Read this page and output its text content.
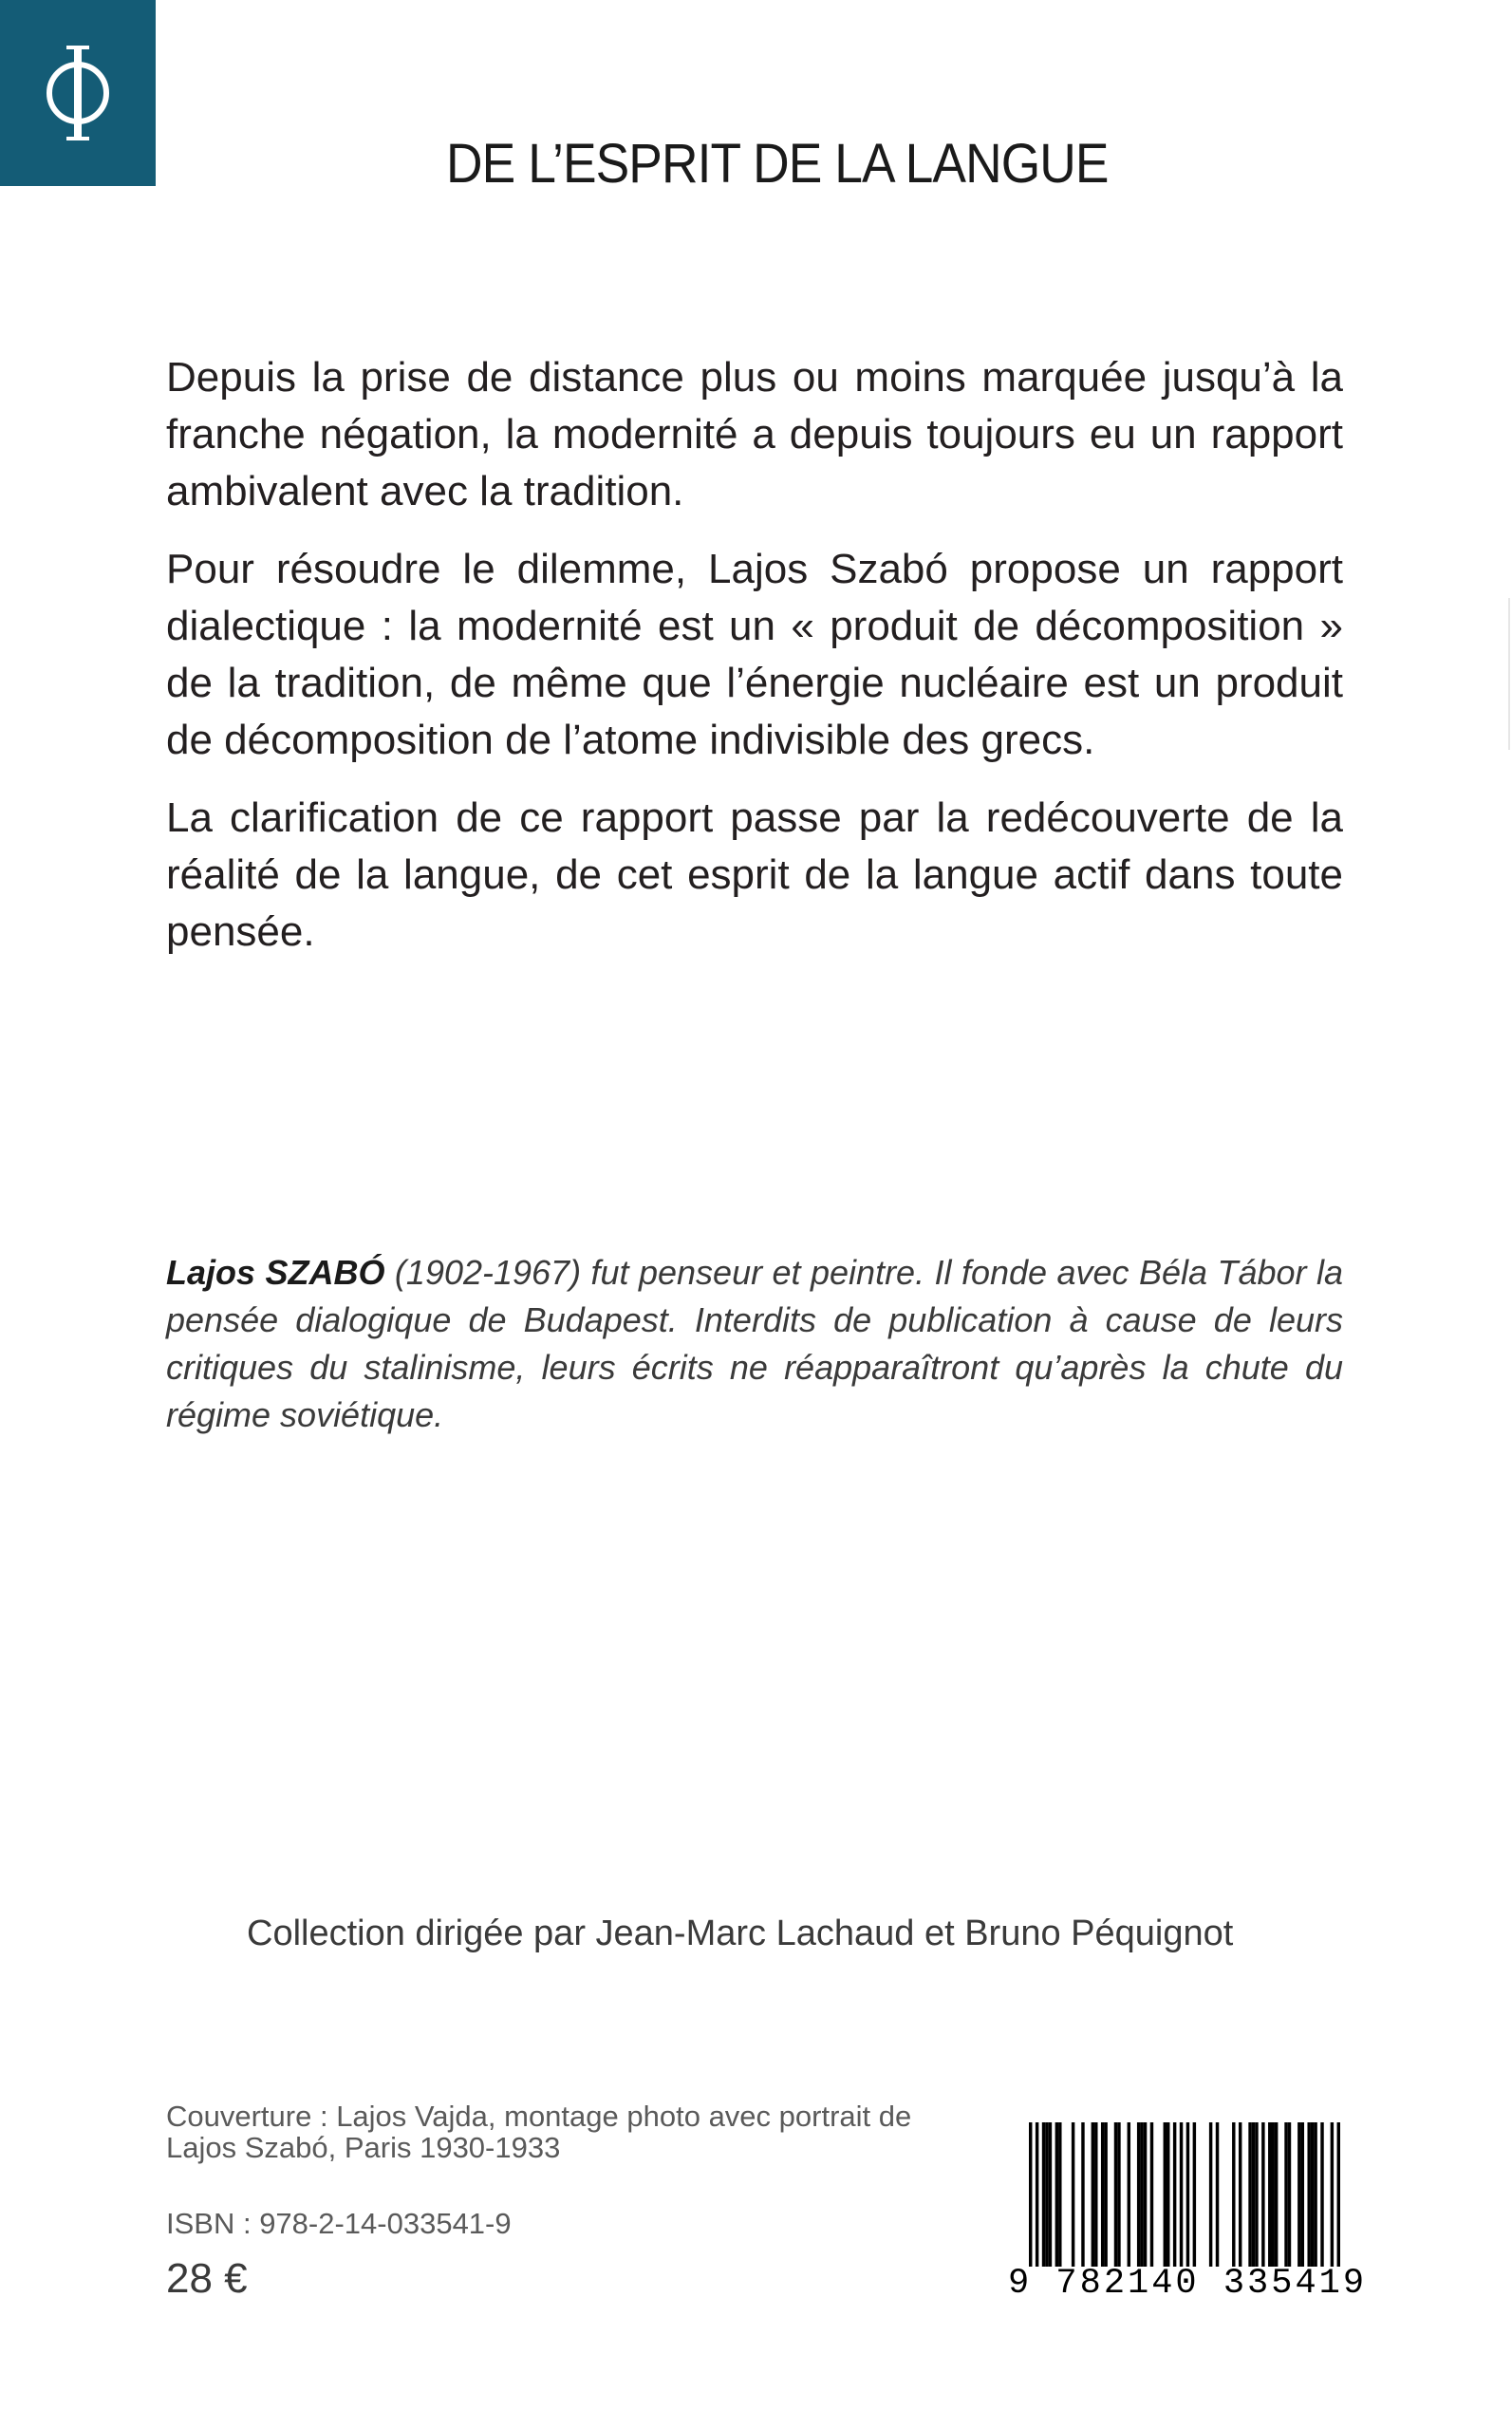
DE L’ESPRIT DE LA LANGUE

Depuis la prise de distance plus ou moins marquée jusqu’à la franche négation, la modernité a depuis toujours eu un rapport ambivalent avec la tradition.

Pour résoudre le dilemme, Lajos Szabó propose un rapport dialectique : la modernité est un « produit de décomposition » de la tradition, de même que l’énergie nucléaire est un produit de décomposition de l’atome indivisible des grecs.

La clarification de ce rapport passe par la redécouverte de la réalité de la langue, de cet esprit de la langue actif dans toute pensée.

Lajos SZABÓ (1902-1967) fut penseur et peintre. Il fonde avec Béla Tábor la pensée dialogique de Budapest. Interdits de publication à cause de leurs critiques du stalinisme, leurs écrits ne réapparaîtront qu’après la chute du régime soviétique.
Collection dirigée par Jean-Marc Lachaud et Bruno Péquignot
Couverture : Lajos Vajda, montage photo avec portrait de
Lajos Szabó, Paris 1930-1933
ISBN : 978-2-14-033541-9
28 €	9 782140 335419
